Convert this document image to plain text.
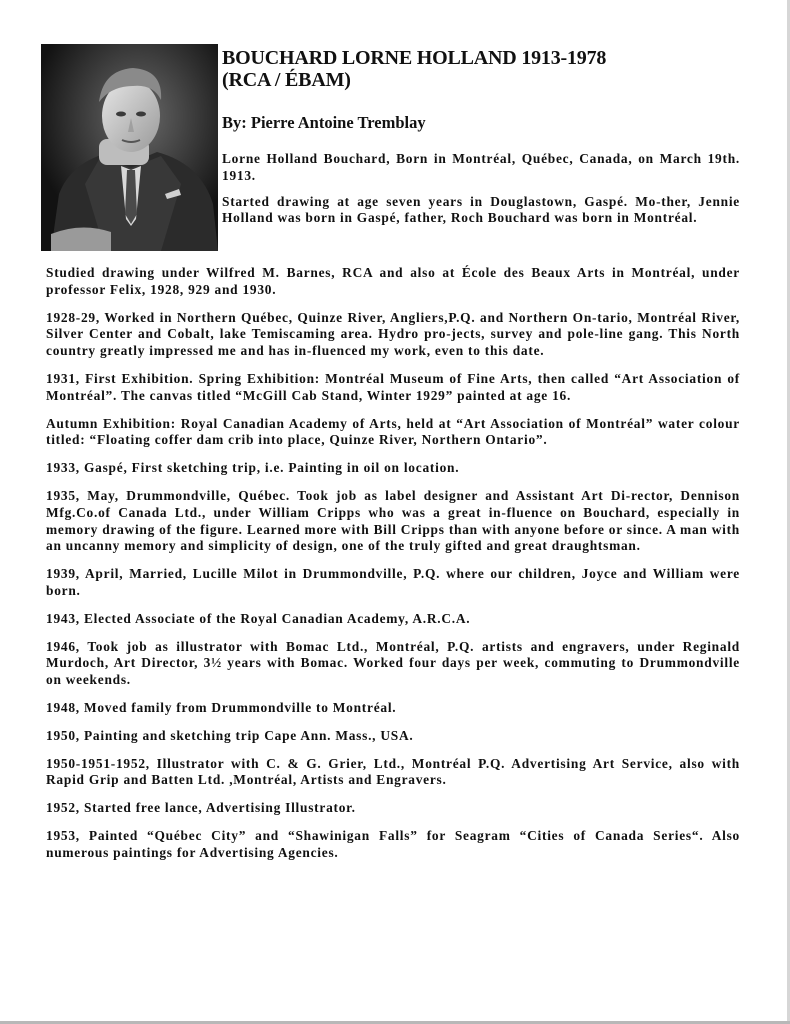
BOUCHARD LORNE HOLLAND 1913-1978
(RCA / ÉBAM)

By: Pierre Antoine Tremblay

Lorne Holland Bouchard, Born in Montréal, Québec, Canada, on March 19th. 1913.

Started drawing at age seven years in Douglastown, Gaspé. Mo-ther, Jennie Holland was born in Gaspé, father, Roch Bouchard was born in Montréal.

Studied drawing under Wilfred M. Barnes, RCA and also at École des Beaux Arts in Montréal, under professor Felix, 1928, 929 and 1930.

1928-29, Worked in Northern Québec, Quinze River, Angliers,P.Q. and Northern On-tario, Montréal River, Silver Center and Cobalt, lake Temiscaming area. Hydro pro-jects, survey and pole-line gang. This North country greatly impressed me and has in-fluenced my work, even to this date.

1931, First Exhibition. Spring Exhibition: Montréal Museum of Fine Arts, then called “Art Association of Montréal”. The canvas titled “McGill Cab Stand, Winter 1929” painted at age 16.

Autumn Exhibition: Royal Canadian Academy of Arts, held at “Art Association of Montréal” water colour titled: “Floating coffer dam crib into place, Quinze River, Northern Ontario”.

1933, Gaspé, First sketching trip, i.e. Painting in oil on location.

1935, May, Drummondville, Québec. Took job as label designer and Assistant Art Di-rector, Dennison Mfg.Co.of Canada Ltd., under William Cripps who was a great in-fluence on Bouchard, especially in memory drawing of the figure. Learned more with Bill Cripps than with anyone before or since. A man with an uncanny memory and simplicity of design, one of the truly gifted and great draughtsman.

1939, April, Married, Lucille Milot in Drummondville, P.Q. where our children, Joyce and William were born.

1943, Elected Associate of the Royal Canadian Academy, A.R.C.A.

1946, Took job as illustrator with Bomac Ltd., Montréal, P.Q. artists and engravers, under Reginald Murdoch, Art Director, 3½ years with Bomac. Worked four days per week, commuting to Drummondville on weekends.

1948, Moved family from Drummondville to Montréal.

1950, Painting and sketching trip Cape Ann. Mass., USA.

1950-1951-1952, Illustrator with C. & G. Grier, Ltd., Montréal P.Q. Advertising Art Service, also with Rapid Grip and Batten Ltd. ,Montréal, Artists and Engravers.

1952, Started free lance, Advertising Illustrator.

1953, Painted “Québec City” and “Shawinigan Falls” for Seagram “Cities of Canada Series“. Also numerous paintings for Advertising Agencies.
